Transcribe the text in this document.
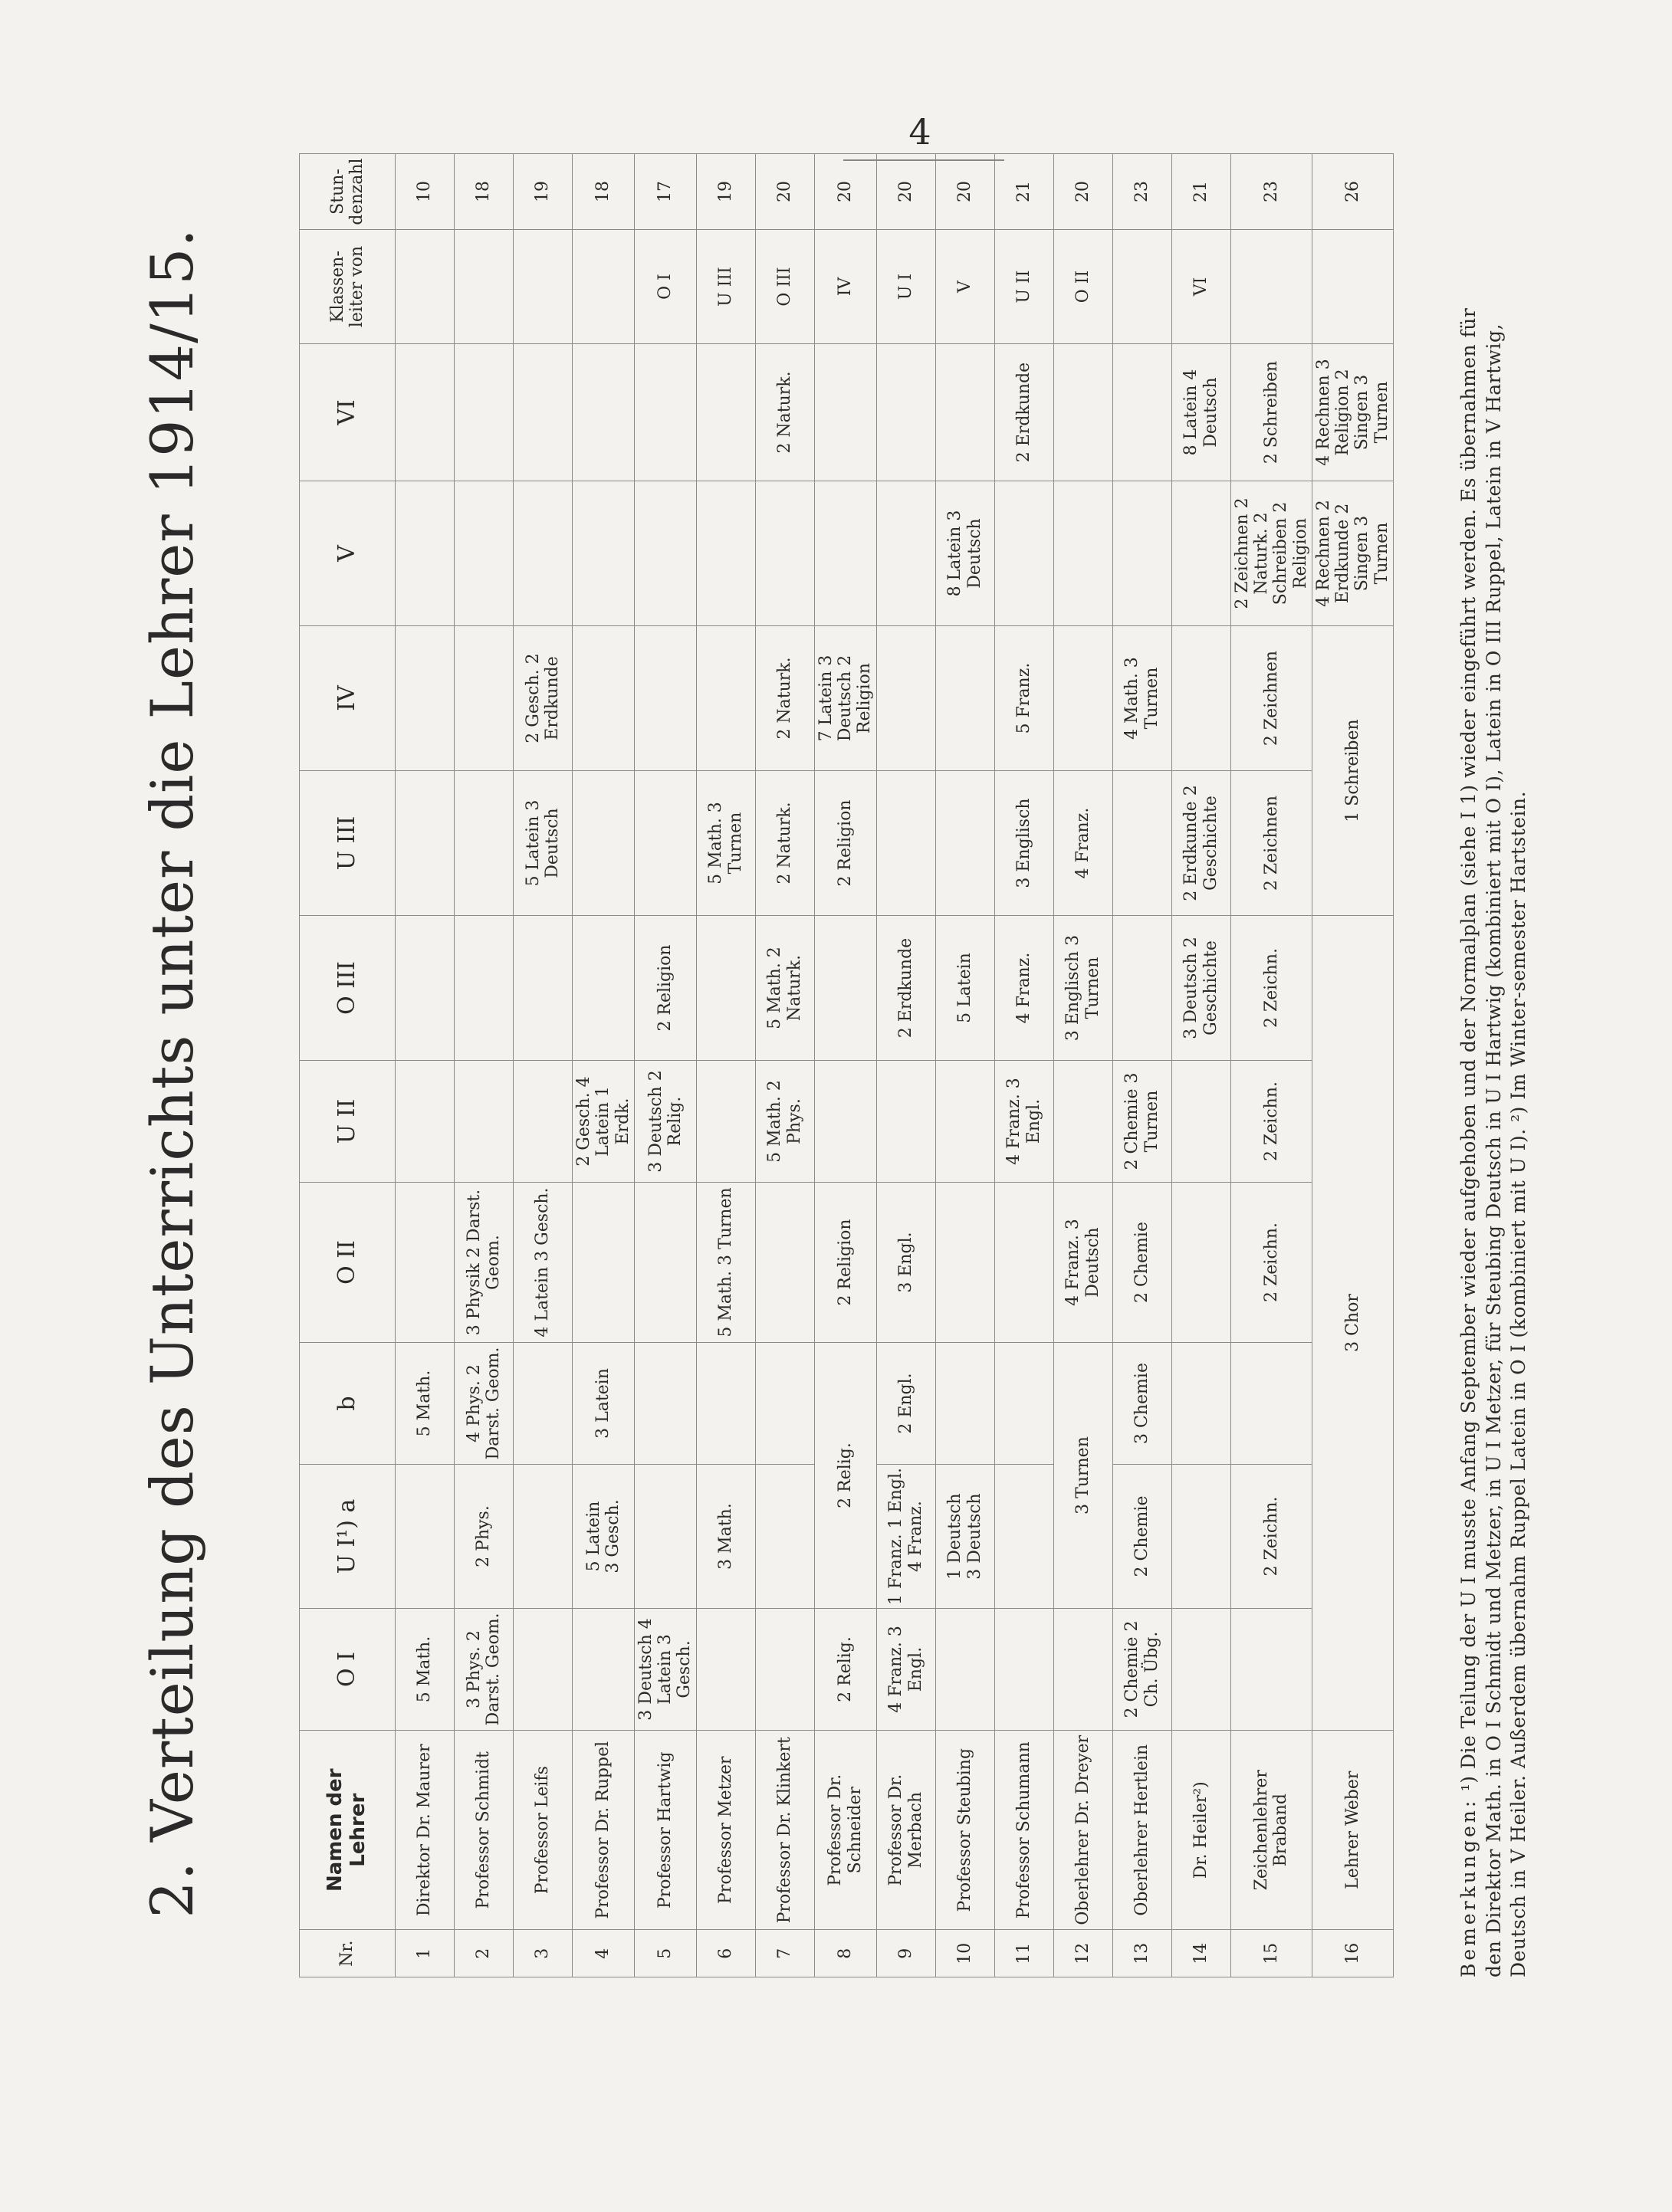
4
2. Verteilung des Unterrichts unter die Lehrer 1914/15.
Nr.	Namen der Lehrer	O I	U I¹) a	b	O II	U II	O III	U III	IV	V	VI	Klassen-leiter von	Stun-denzahl
1	Direktor Dr. Maurer	5 Math.		5 Math.									10
2	Professor Schmidt	3 Phys. 2 Darst. Geom.	2 Phys.	4 Phys. 2 Darst. Geom.	3 Physik 2 Darst. Geom.								18
3	Professor Leifs				4 Latein 3 Gesch.			5 Latein 3 Deutsch	2 Gesch. 2 Erdkunde				19
4	Professor Dr. Ruppel		5 Latein 3 Gesch.	3 Latein		2 Gesch. 4 Latein 1 Erdk.							18
5	Professor Hartwig	3 Deutsch 4 Latein 3 Gesch.				3 Deutsch 2 Relig.	2 Religion					O I	17
6	Professor Metzer		3 Math.		5 Math. 3 Turnen			5 Math. 3 Turnen				U III	19
7	Professor Dr. Klinkert					5 Math. 2 Phys.	5 Math. 2 Naturk.	2 Naturk.	2 Naturk.		2 Naturk.	O III	20
8	Professor Dr. Schneider	2 Relig.	2 Relig.		2 Religion			2 Religion	7 Latein 3 Deutsch 2 Religion			IV	20
9	Professor Dr. Merbach	4 Franz. 3 Engl.	1 Franz. 1 Engl. 4 Franz.	2 Engl.	3 Engl.		2 Erdkunde					U I	20
10	Professor Steubing		1 Deutsch 3 Deutsch				5 Latein			8 Latein 3 Deutsch		V	20
11	Professor Schumann					4 Franz. 3 Engl.	4 Franz.	3 Englisch	5 Franz.		2 Erdkunde	U II	21
12	Oberlehrer Dr. Dreyer		3 Turnen		4 Franz. 3 Deutsch		3 Englisch 3 Turnen	4 Franz.				O II	20
13	Oberlehrer Hertlein	2 Chemie 2 Ch. Übg.	2 Chemie	3 Chemie	2 Chemie	2 Chemie 3 Turnen			4 Math. 3 Turnen				23
14	Dr. Heiler²)						3 Deutsch 2 Geschichte	2 Erdkunde 2 Geschichte			8 Latein 4 Deutsch	VI	21
15	Zeichenlehrer Braband		2 Zeichn.		2 Zeichn.	2 Zeichn.	2 Zeichn.	2 Zeichnen	2 Zeichnen	2 Zeichnen 2 Naturk. 2 Schreiben 2 Religion	2 Schreiben		23
16	Lehrer Weber	3 Chor						1 Schreiben		4 Rechnen 2 Erdkunde 2 Singen 3 Turnen	4 Rechnen 3 Religion 2 Singen 3 Turnen		26
Bemerkungen: ¹) Die Teilung der U I musste Anfang September wieder aufgehoben und der Normalplan (siehe I 1) wieder eingeführt werden. Es übernahmen für den Direktor Math. in O I Schmidt und Metzer, in U I Metzer, für Steubing Deutsch in U I Hartwig (kombiniert mit O I), Latein in O III Ruppel, Latein in V Hartwig, Deutsch in V Heiler. Außerdem übernahm Ruppel Latein in O I (kombiniert mit U I). ²) Im Winter-semester Hartstein.
